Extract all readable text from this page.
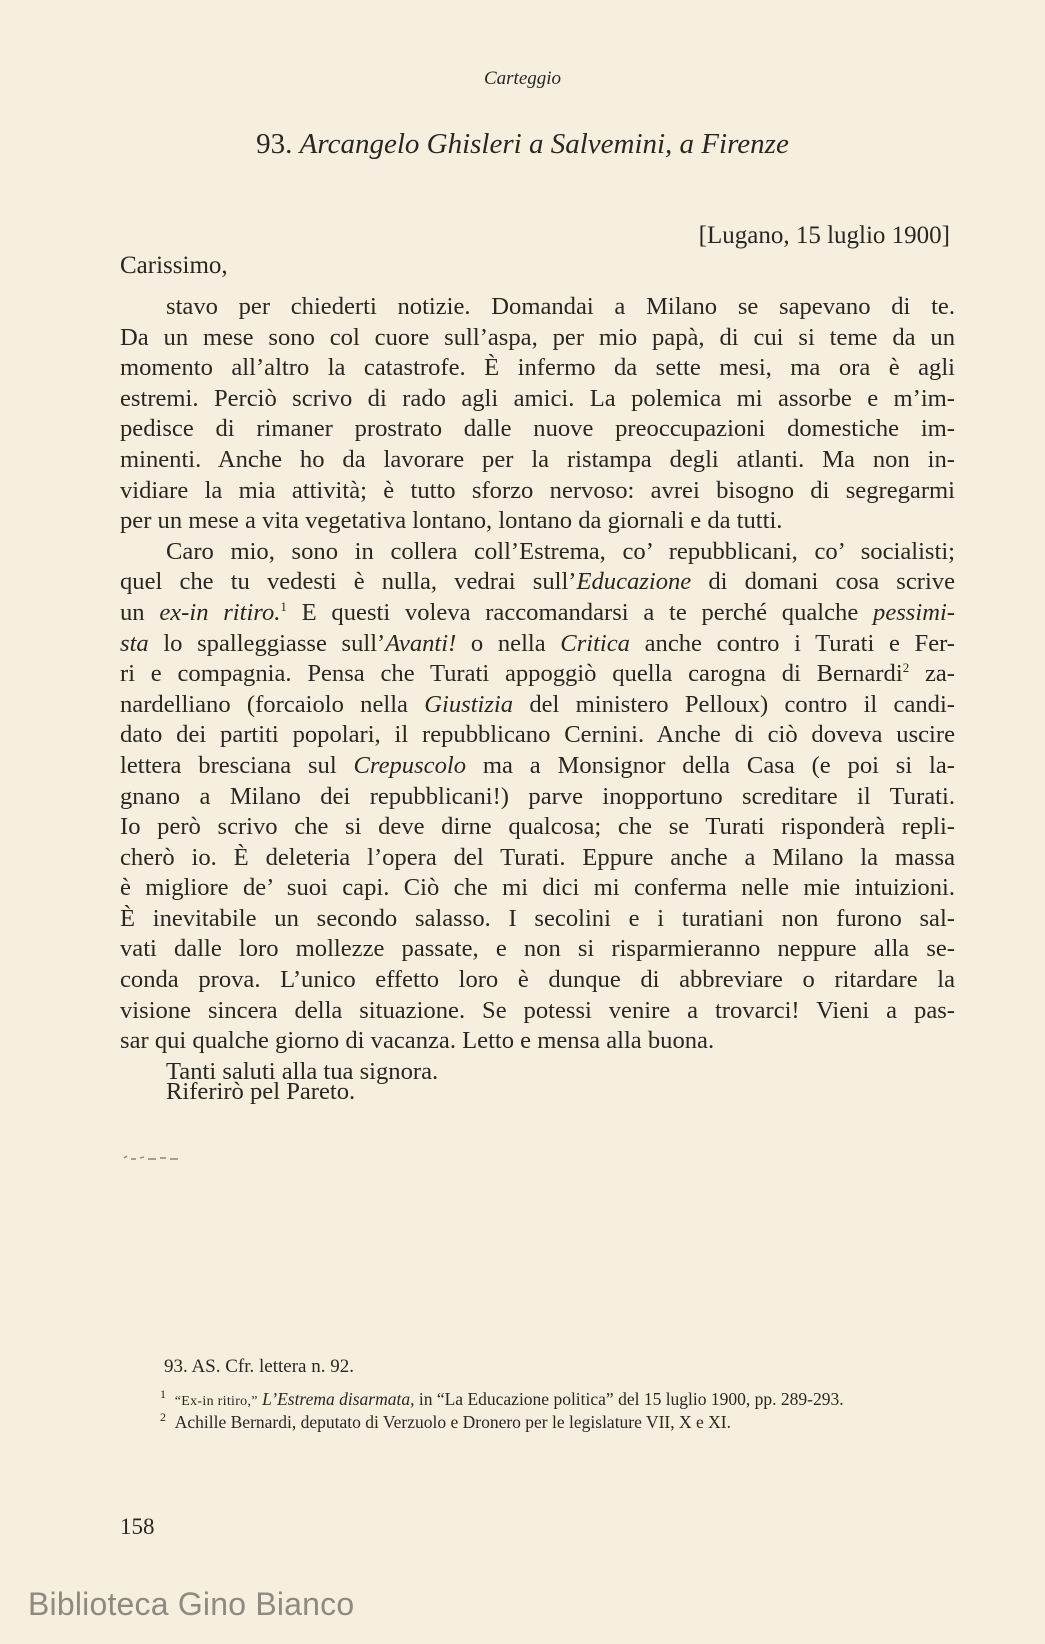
Carteggio
93. Arcangelo Ghisleri a Salvemini, a Firenze
[Lugano, 15 luglio 1900]
Carissimo,
stavo per chiederti notizie. Domandai a Milano se sapevano di te.
Da un mese sono col cuore sull’aspa, per mio papà, di cui si teme da un
momento all’altro la catastrofe. È infermo da sette mesi, ma ora è agli
estremi. Perciò scrivo di rado agli amici. La polemica mi assorbe e m’im-
pedisce di rimaner prostrato dalle nuove preoccupazioni domestiche im-
minenti. Anche ho da lavorare per la ristampa degli atlanti. Ma non in-
vidiare la mia attività; è tutto sforzo nervoso: avrei bisogno di segregarmi
per un mese a vita vegetativa lontano, lontano da giornali e da tutti.
Caro mio, sono in collera coll’Estrema, co’ repubblicani, co’ socialisti;
quel che tu vedesti è nulla, vedrai sull’Educazione di domani cosa scrive
un ex-in ritiro.$^1$ E questi voleva raccomandarsi a te perché qualche pessimi-
sta lo spalleggiasse sull’Avanti! o nella Critica anche contro i Turati e Fer-
ri e compagnia. Pensa che Turati appoggiò quella carogna di Bernardi$^2$ za-
nardelliano (forcaiolo nella Giustizia del ministero Pelloux) contro il candi-
dato dei partiti popolari, il repubblicano Cernini. Anche di ciò doveva uscire
lettera bresciana sul Crepuscolo ma a Monsignor della Casa (e poi si la-
gnano a Milano dei repubblicani!) parve inopportuno screditare il Turati.
Io però scrivo che si deve dirne qualcosa; che se Turati risponderà repli-
cherò io. È deleteria l’opera del Turati. Eppure anche a Milano la massa
è migliore de’ suoi capi. Ciò che mi dici mi conferma nelle mie intuizioni.
È inevitabile un secondo salasso. I secolini e i turatiani non furono sal-
vati dalle loro mollezze passate, e non si risparmieranno neppure alla se-
conda prova. L’unico effetto loro è dunque di abbreviare o ritardare la
visione sincera della situazione. Se potessi venire a trovarci! Vieni a pas-
sar qui qualche giorno di vacanza. Letto e mensa alla buona.
Tanti saluti alla tua signora.
Riferirò pel Pareto.
93. AS. Cfr. lettera n. 92.
$^1$ “Ex-in ritiro,” L’Estrema disarmata, in “La Educazione politica” del 15 luglio 1900, pp. 289-293.
$^2$ Achille Bernardi, deputato di Verzuolo e Dronero per le legislature VII, X e XI.
158
Biblioteca Gino Bianco
